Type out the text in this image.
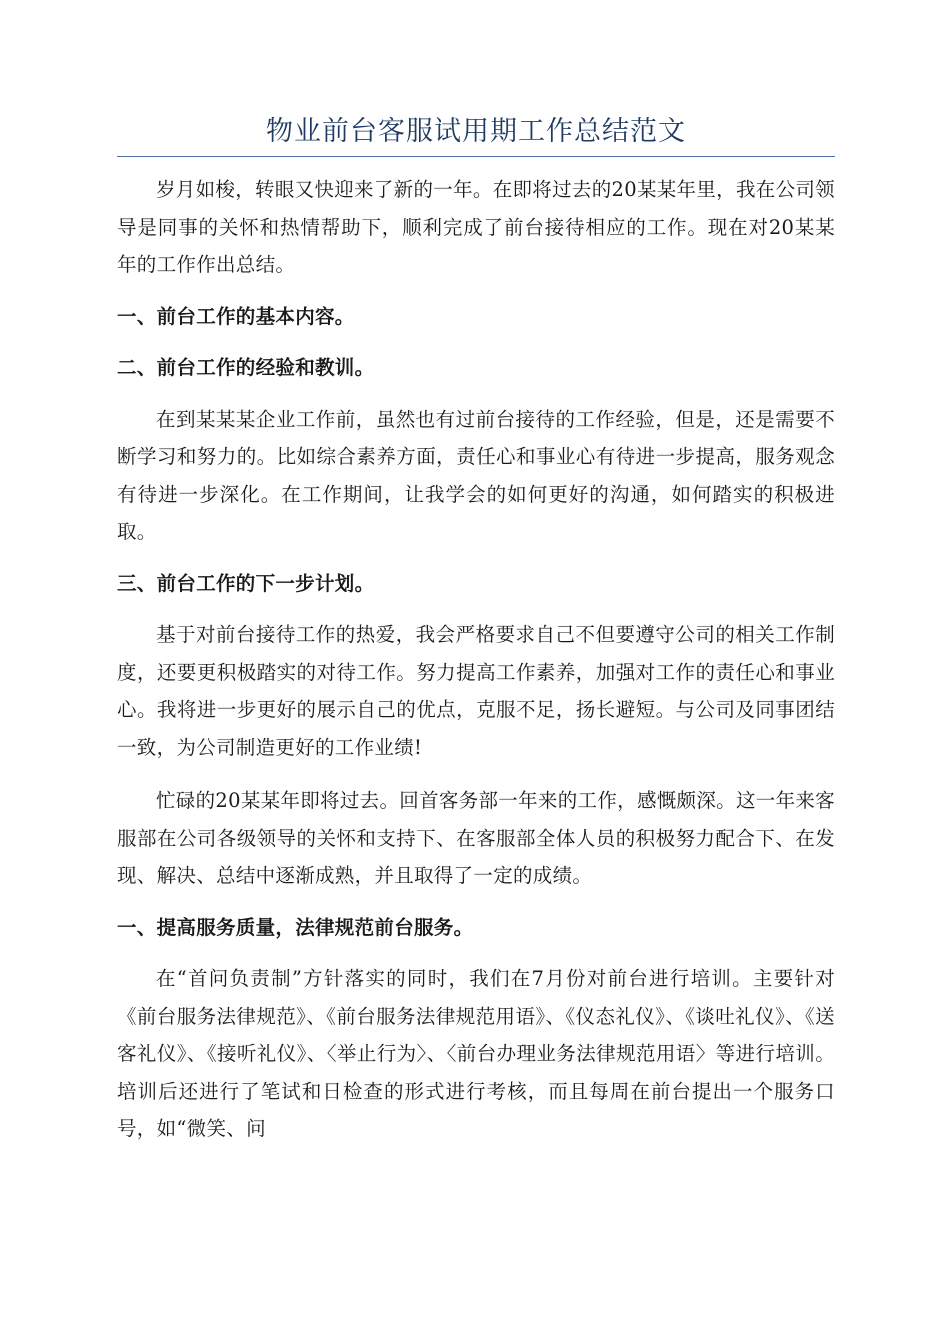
物业前台客服试用期工作总结范文

岁月如梭，转眼又快迎来了新的一年。在即将过去的20某某年里，我在公司领导是同事的关怀和热情帮助下，顺利完成了前台接待相应的工作。现在对20某某年的工作作出总结。

一、前台工作的基本内容。

二、前台工作的经验和教训。

在到某某某企业工作前，虽然也有过前台接待的工作经验，但是，还是需要不断学习和努力的。比如综合素养方面，责任心和事业心有待进一步提高，服务观念有待进一步深化。在工作期间，让我学会的如何更好的沟通，如何踏实的积极进取。

三、前台工作的下一步计划。

基于对前台接待工作的热爱，我会严格要求自己不但要遵守公司的相关工作制度，还要更积极踏实的对待工作。努力提高工作素养，加强对工作的责任心和事业心。我将进一步更好的展示自己的优点，克服不足，扬长避短。与公司及同事团结一致，为公司制造更好的工作业绩!

忙碌的20某某年即将过去。回首客务部一年来的工作，感慨颇深。这一年来客服部在公司各级领导的关怀和支持下、在客服部全体人员的积极努力配合下、在发现、解决、总结中逐渐成熟，并且取得了一定的成绩。

一、提高服务质量，法律规范前台服务。

在“首问负责制”方针落实的同时，我们在7月份对前台进行培训。主要针对《前台服务法律规范》、《前台服务法律规范用语》、《仪态礼仪》、《谈吐礼仪》、《送客礼仪》、《接听礼仪》、〈举止行为〉、〈前台办理业务法律规范用语〉等进行培训。培训后还进行了笔试和日检查的形式进行考核，而且每周在前台提出一个服务口号，如“微笑、问
